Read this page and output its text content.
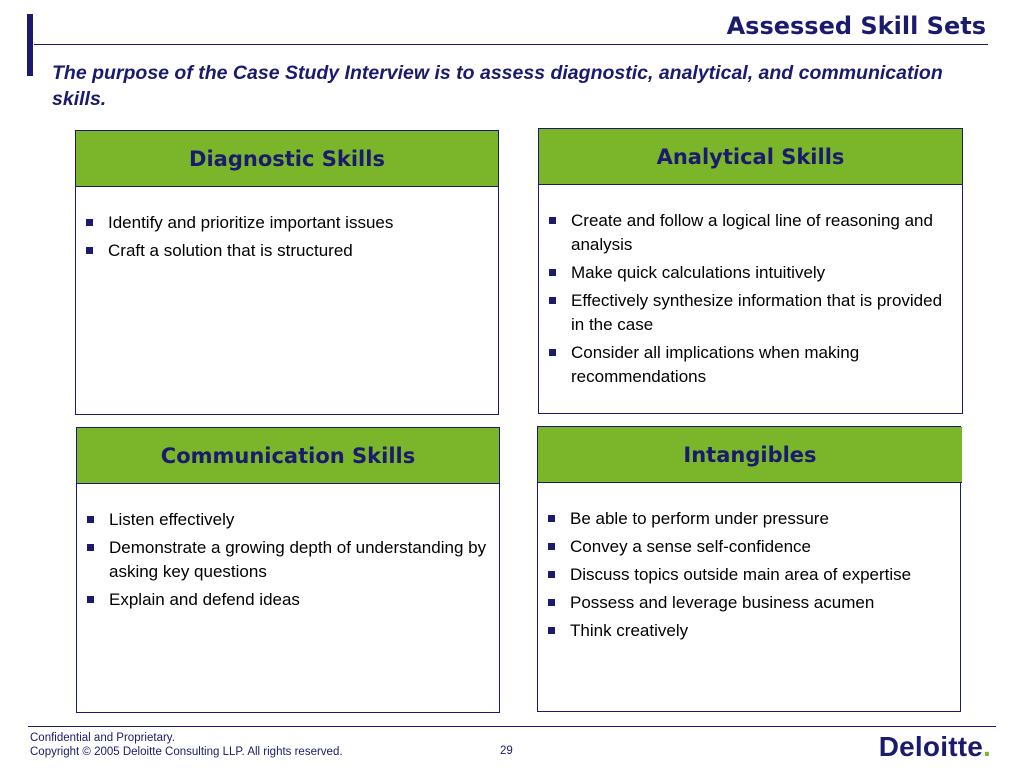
Assessed Skill Sets

The purpose of the Case Study Interview is to assess diagnostic, analytical, and communication skills.

Diagnostic Skills
Identify and prioritize important issues
Craft a solution that is structured
Analytical Skills
Create and follow a logical line of reasoning and analysis
Make quick calculations intuitively
Effectively synthesize information that is provided in the case
Consider all implications when making recommendations
Communication Skills
Listen effectively
Demonstrate a growing depth of understanding by asking key questions
Explain and defend ideas
Intangibles
Be able to perform under pressure
Convey a sense self-confidence
Discuss topics outside main area of expertise
Possess and leverage business acumen
Think creatively
Confidential and Proprietary.
Copyright © 2005 Deloitte Consulting LLP. All rights reserved.	29	Deloitte.
